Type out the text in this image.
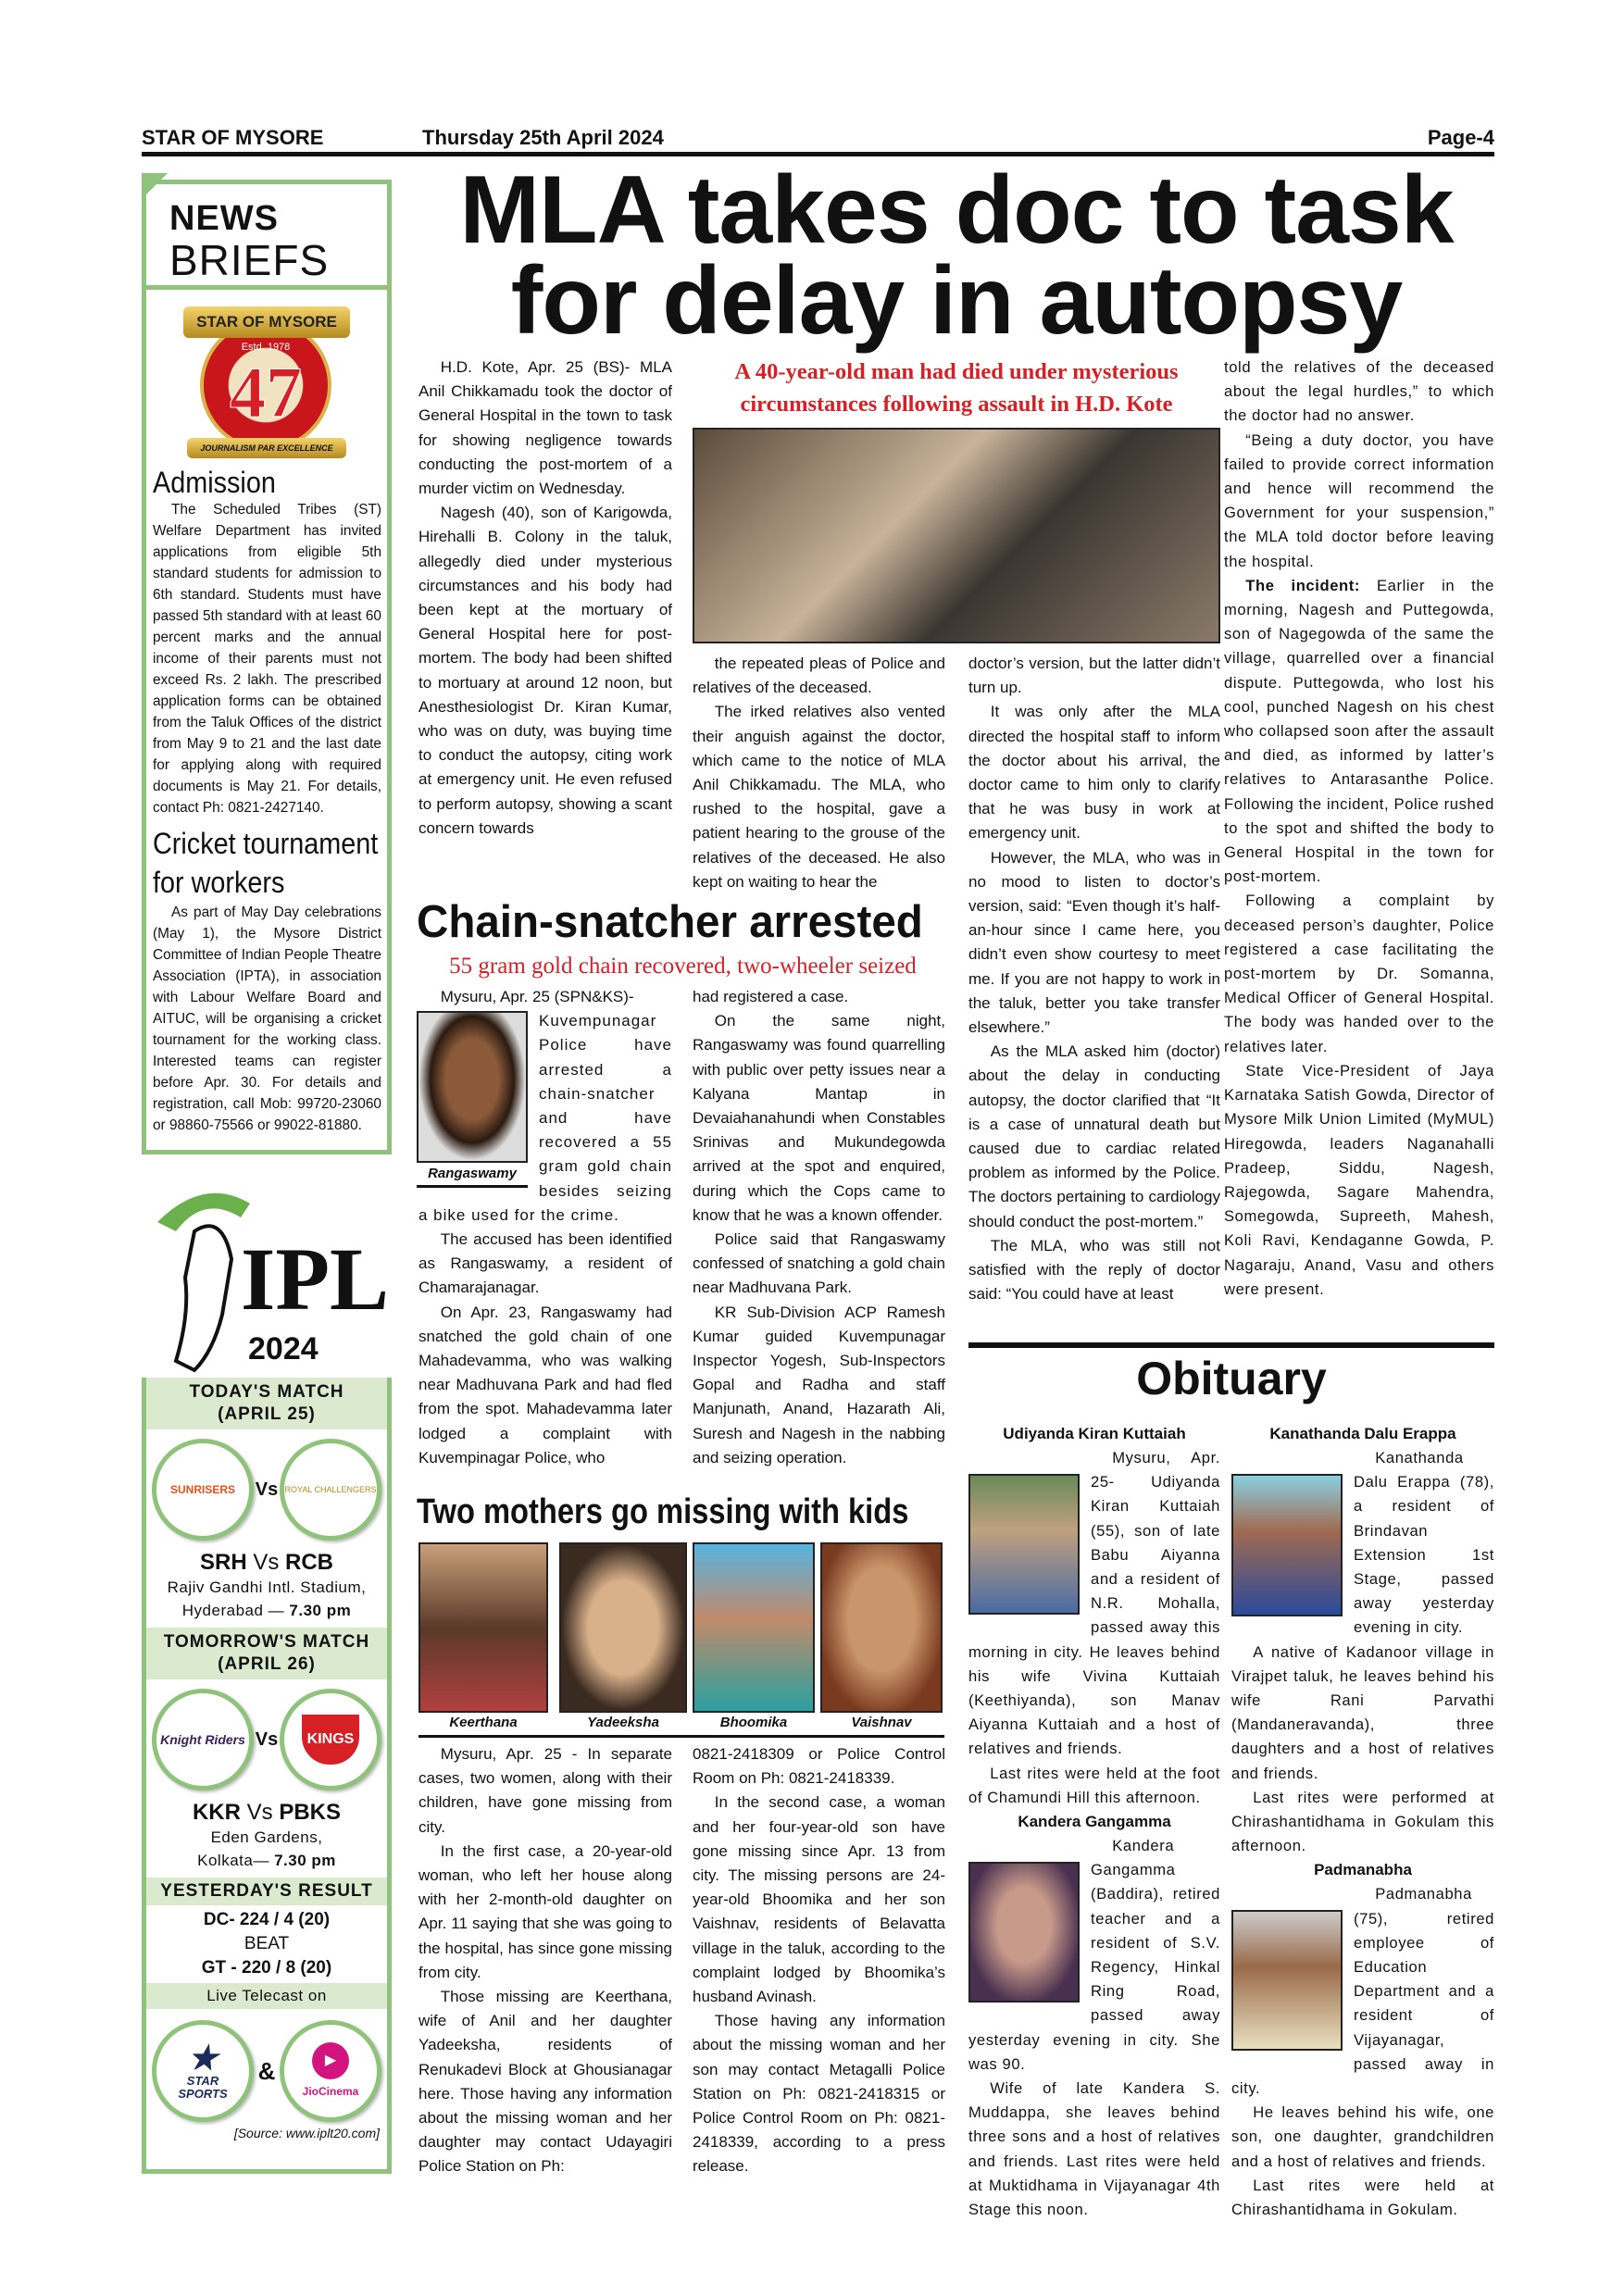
STAR OF MYSORE	Thursday 25th April 2024	Page-4
NEWS
BRIEFS
STAR OF MYSORE
Estd. 1978
47
JOURNALISM PAR EXCELLENCE
Admission

The Scheduled Tribes (ST) Welfare Department has invited applications from eligible 5th standard students for admission to 6th standard. Students must have passed 5th standard with at least 60 percent marks and the annual income of their parents must not exceed Rs. 2 lakh. The prescribed application forms can be obtained from the Taluk Offices of the district from May 9 to 21 and the last date for applying along with required documents is May 21. For details, contact Ph: 0821-2427140.

Cricket tournament for workers

As part of May Day celebrations (May 1), the Mysore District Committee of Indian People Theatre Association (IPTA), in association with Labour Welfare Board and AITUC, will be organising a cricket tournament for the working class. Interested teams can register before Apr. 30. For details and registration, call Mob: 99720-23060 or 98860-75566 or 99022-81880.

IPL
2024
TODAY'S MATCH
(APRIL 25)
SUNRISERS Vs ROYAL CHALLENGERS
SRH Vs RCB
Rajiv Gandhi Intl. Stadium,
Hyderabad — 7.30 pm
TOMORROW'S MATCH
(APRIL 26)
Knight Riders Vs	KINGS
KKR Vs PBKS
Eden Gardens,
Kolkata— 7.30 pm
YESTERDAY'S RESULT
DC- 224 / 4 (20)
BEAT
GT - 220 / 8 (20)
Live Telecast on
★
STAR
SPORTS
&	▶
JioCinema
[Source: www.iplt20.com]
MLA takes doc to task
for delay in autopsy

H.D. Kote, Apr. 25 (BS)- MLA Anil Chikkamadu took the doctor of General Hospital in the town to task for showing negligence towards conducting the post-mortem of a murder victim on Wednesday.

Nagesh (40), son of Karigowda, Hirehalli B. Colony in the taluk, allegedly died under mysterious circumstances and his body had been kept at the mortuary of General Hospital here for post-mortem. The body had been shifted to mortuary at around 12 noon, but Anesthesiologist Dr. Kiran Kumar, who was on duty, was buying time to conduct the autopsy, citing work at emergency unit. He even refused to perform autopsy, showing a scant concern towards

A 40-year-old man had died under mysterious
circumstances following assault in H.D. Kote

the repeated pleas of Police and relatives of the deceased.

The irked relatives also vented their anguish against the doctor, which came to the notice of MLA Anil Chikkamadu. The MLA, who rushed to the hospital, gave a patient hearing to the grouse of the relatives of the deceased. He also kept on waiting to hear the

doctor’s version, but the latter didn’t turn up.

It was only after the MLA directed the hospital staff to inform the doctor about his arrival, the doctor came to him only to clarify that he was busy in work at emergency unit.

However, the MLA, who was in no mood to listen to doctor’s version, said: “Even though it’s half-an-hour since I came here, you didn’t even show courtesy to meet me. If you are not happy to work in the taluk, better you take transfer elsewhere.”

As the MLA asked him (doctor) about the delay in conducting autopsy, the doctor clarified that “It is a case of unnatural death but caused due to cardiac related problem as informed by the Police. The doctors pertaining to cardiology should conduct the post-mortem.”

The MLA, who was still not satisfied with the reply of doctor said: “You could have at least

told the relatives of the deceased about the legal hurdles,” to which the doctor had no answer.

“Being a duty doctor, you have failed to provide correct information and hence will recommend the Government for your suspension,” the MLA told doctor before leaving the hospital.

The incident: Earlier in the morning, Nagesh and Puttegowda, son of Nagegowda of the same the village, quarrelled over a financial dispute. Puttegowda, who lost his cool, punched Nagesh on his chest who collapsed soon after the assault and died, as informed by latter’s relatives to Antarasanthe Police. Following the incident, Police rushed to the spot and shifted the body to General Hospital in the town for post-mortem.

Following a complaint by deceased person’s daughter, Police registered a case facilitating the post-mortem by Dr. Somanna, Medical Officer of General Hospital. The body was handed over to the relatives later.

State Vice-President of Jaya Karnataka Satish Gowda, Director of Mysore Milk Union Limited (MyMUL) Hiregowda, leaders Naganahalli Pradeep, Siddu, Nagesh, Rajegowda, Sagare Mahendra, Somegowda, Supreeth, Mahesh, Koli Ravi, Kendaganne Gowda, P. Nagaraju, Anand, Vasu and others were present.

Chain-snatcher arrested
55 gram gold chain recovered, two-wheeler seized

Mysuru, Apr. 25 (SPN&KS)-

Rangaswamy

Kuvempunagar Police have arrested a chain-snatcher and have recovered a 55 gram gold chain besides seizing a bike used for the crime.

The accused has been identified as Rangaswamy, a resident of Chamarajanagar.

On Apr. 23, Rangaswamy had snatched the gold chain of one Mahadevamma, who was walking near Madhuvana Park and had fled from the spot. Mahadevamma later lodged a complaint with Kuvempinagar Police, who

had registered a case.

On the same night, Rangaswamy was found quarrelling with public over petty issues near a Kalyana Mantap in Devaiahanahundi when Constables Srinivas and Mukundegowda arrived at the spot and enquired, during which the Cops came to know that he was a known offender.

Police said that Rangaswamy confessed of snatching a gold chain near Madhuvana Park.

KR Sub-Division ACP Ramesh Kumar guided Kuvempunagar Inspector Yogesh, Sub-Inspectors Gopal and Radha and staff Manjunath, Anand, Hazarath Ali, Suresh and Nagesh in the nabbing and seizing operation.

Two mothers go missing with kids
Keerthana	Yadeeksha	Bhoomika	Vaishnav

Mysuru, Apr. 25 - In separate cases, two women, along with their children, have gone missing from city.

In the first case, a 20-year-old woman, who left her house along with her 2-month-old daughter on Apr. 11 saying that she was going to the hospital, has since gone missing from city.

Those missing are Keerthana, wife of Anil and her daughter Yadeeksha, residents of Renukadevi Block at Ghousianagar here. Those having any information about the missing woman and her daughter may contact Udayagiri Police Station on Ph:

0821-2418309 or Police Control Room on Ph: 0821-2418339.

In the second case, a woman and her four-year-old son have gone missing since Apr. 13 from city. The missing persons are 24-year-old Bhoomika and her son Vaishnav, residents of Belavatta village in the taluk, according to the complaint lodged by Bhoomika’s husband Avinash.

Those having any information about the missing woman and her son may contact Metagalli Police Station on Ph: 0821-2418315 or Police Control Room on Ph: 0821-2418339, according to a press release.

Obituary
Udiyanda Kiran Kuttaiah

Mysuru, Apr. 25- Udiyanda Kiran Kuttaiah (55), son of late Babu Aiyanna and a resident of N.R. Mohalla, passed away this morning in city. He leaves behind his wife Vivina Kuttaiah (Keethiyanda), son Manav Aiyanna Kuttaiah and a host of relatives and friends.

Last rites were held at the foot of Chamundi Hill this afternoon.

Kandera Gangamma

Kandera Gangamma (Baddira), retired teacher and a resident of S.V. Regency, Hinkal Ring Road, passed away yesterday evening in city. She was 90.

Wife of late Kandera S. Muddappa, she leaves behind three sons and a host of relatives and friends. Last rites were held at Muktidhama in Vijayanagar 4th Stage this noon.

Kanathanda Dalu Erappa

Kanathanda Dalu Erappa (78), a resident of Brindavan Extension 1st Stage, passed away yesterday evening in city.

A native of Kadanoor village in Virajpet taluk, he leaves behind his wife Rani Parvathi (Mandaneravanda), three daughters and a host of relatives and friends.

Last rites were performed at Chirashantidhama in Gokulam this afternoon.

Padmanabha

Padmanabha (75), retired employee of Education Department and a resident of Vijayanagar, passed away in city.

He leaves behind his wife, one son, one daughter, grandchildren and a host of relatives and friends.

Last rites were held at Chirashantidhama in Gokulam.
